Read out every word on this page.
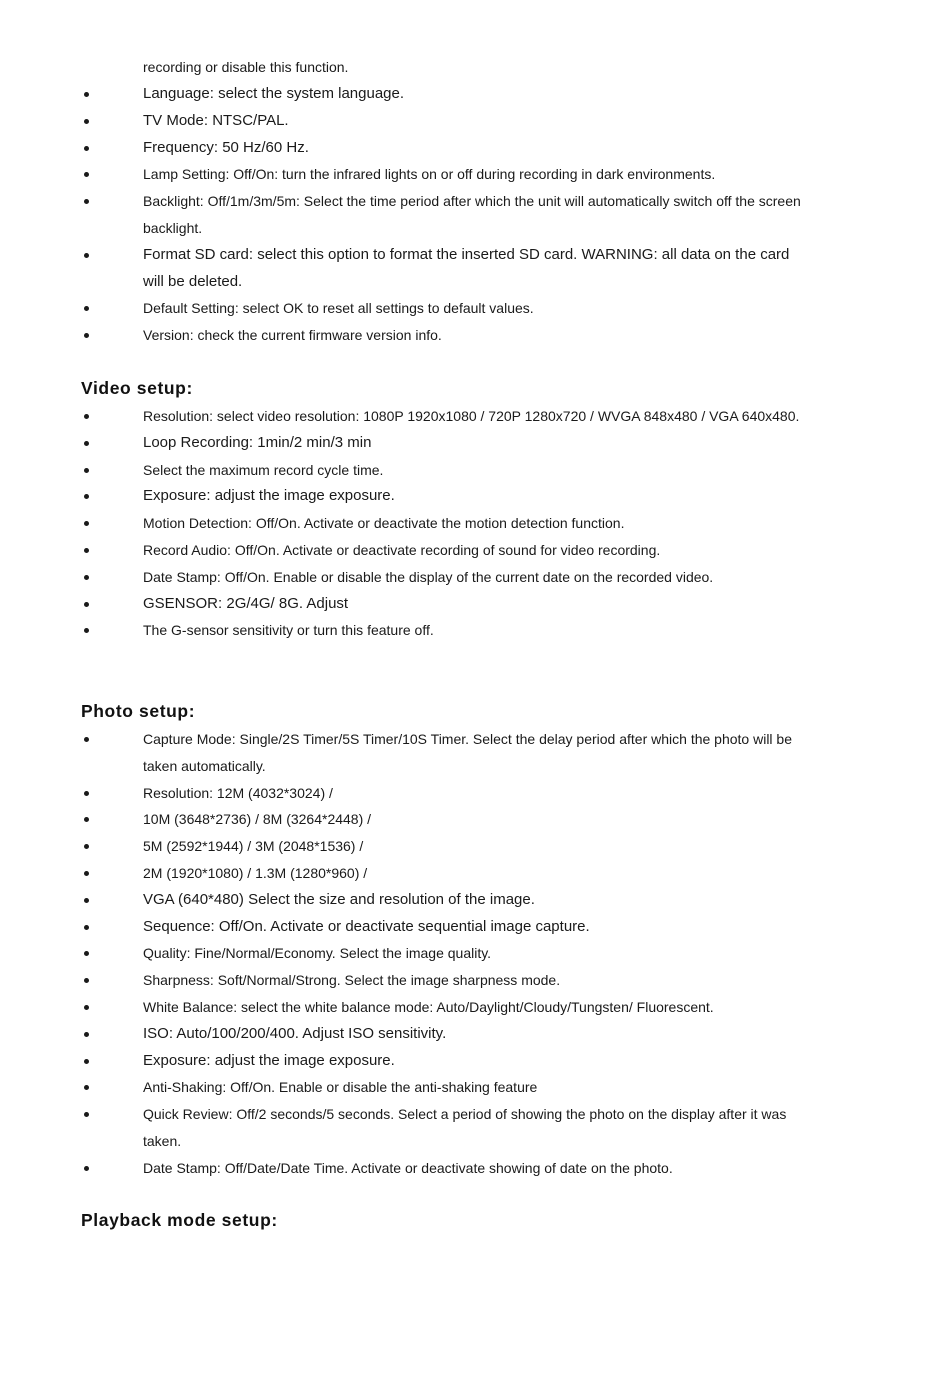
recording or disable this function.

Language: select the system language.
TV Mode: NTSC/PAL.
Frequency: 50 Hz/60 Hz.
Lamp Setting: Off/On: turn the infrared lights on or off during recording in dark environments.
Backlight: Off/1m/3m/5m: Select the time period after which the unit will automatically switch off the screen backlight.
Format SD card: select this option to format the inserted SD card. WARNING: all data on the card will be deleted.
Default Setting: select OK to reset all settings to default values.
Version: check the current firmware version info.
Video setup:
Resolution: select video resolution: 1080P 1920x1080 / 720P 1280x720 / WVGA 848x480 / VGA 640x480.
Loop Recording: 1min/2 min/3 min
Select the maximum record cycle time.
Exposure: adjust the image exposure.
Motion Detection: Off/On. Activate or deactivate the motion detection function.
Record Audio: Off/On. Activate or deactivate recording of sound for video recording.
Date Stamp: Off/On. Enable or disable the display of the current date on the recorded video.
GSENSOR: 2G/4G/ 8G. Adjust
The G-sensor sensitivity or turn this feature off.
Photo setup:
Capture Mode: Single/2S Timer/5S Timer/10S Timer. Select the delay period after which the photo will be taken automatically.
Resolution: 12M (4032*3024) /
10M (3648*2736) / 8M (3264*2448) /
5M (2592*1944) / 3M (2048*1536) /
2M (1920*1080) / 1.3M (1280*960) /
VGA (640*480) Select the size and resolution of the image.
Sequence: Off/On. Activate or deactivate sequential image capture.
Quality: Fine/Normal/Economy. Select the image quality.
Sharpness: Soft/Normal/Strong. Select the image sharpness mode.
White Balance: select the white balance mode: Auto/Daylight/Cloudy/Tungsten/ Fluorescent.
ISO: Auto/100/200/400. Adjust ISO sensitivity.
Exposure: adjust the image exposure.
Anti-Shaking: Off/On. Enable or disable the anti-shaking feature
Quick Review: Off/2 seconds/5 seconds. Select a period of showing the photo on the display after it was taken.
Date Stamp: Off/Date/Date Time. Activate or deactivate showing of date on the photo.
Playback mode setup:
